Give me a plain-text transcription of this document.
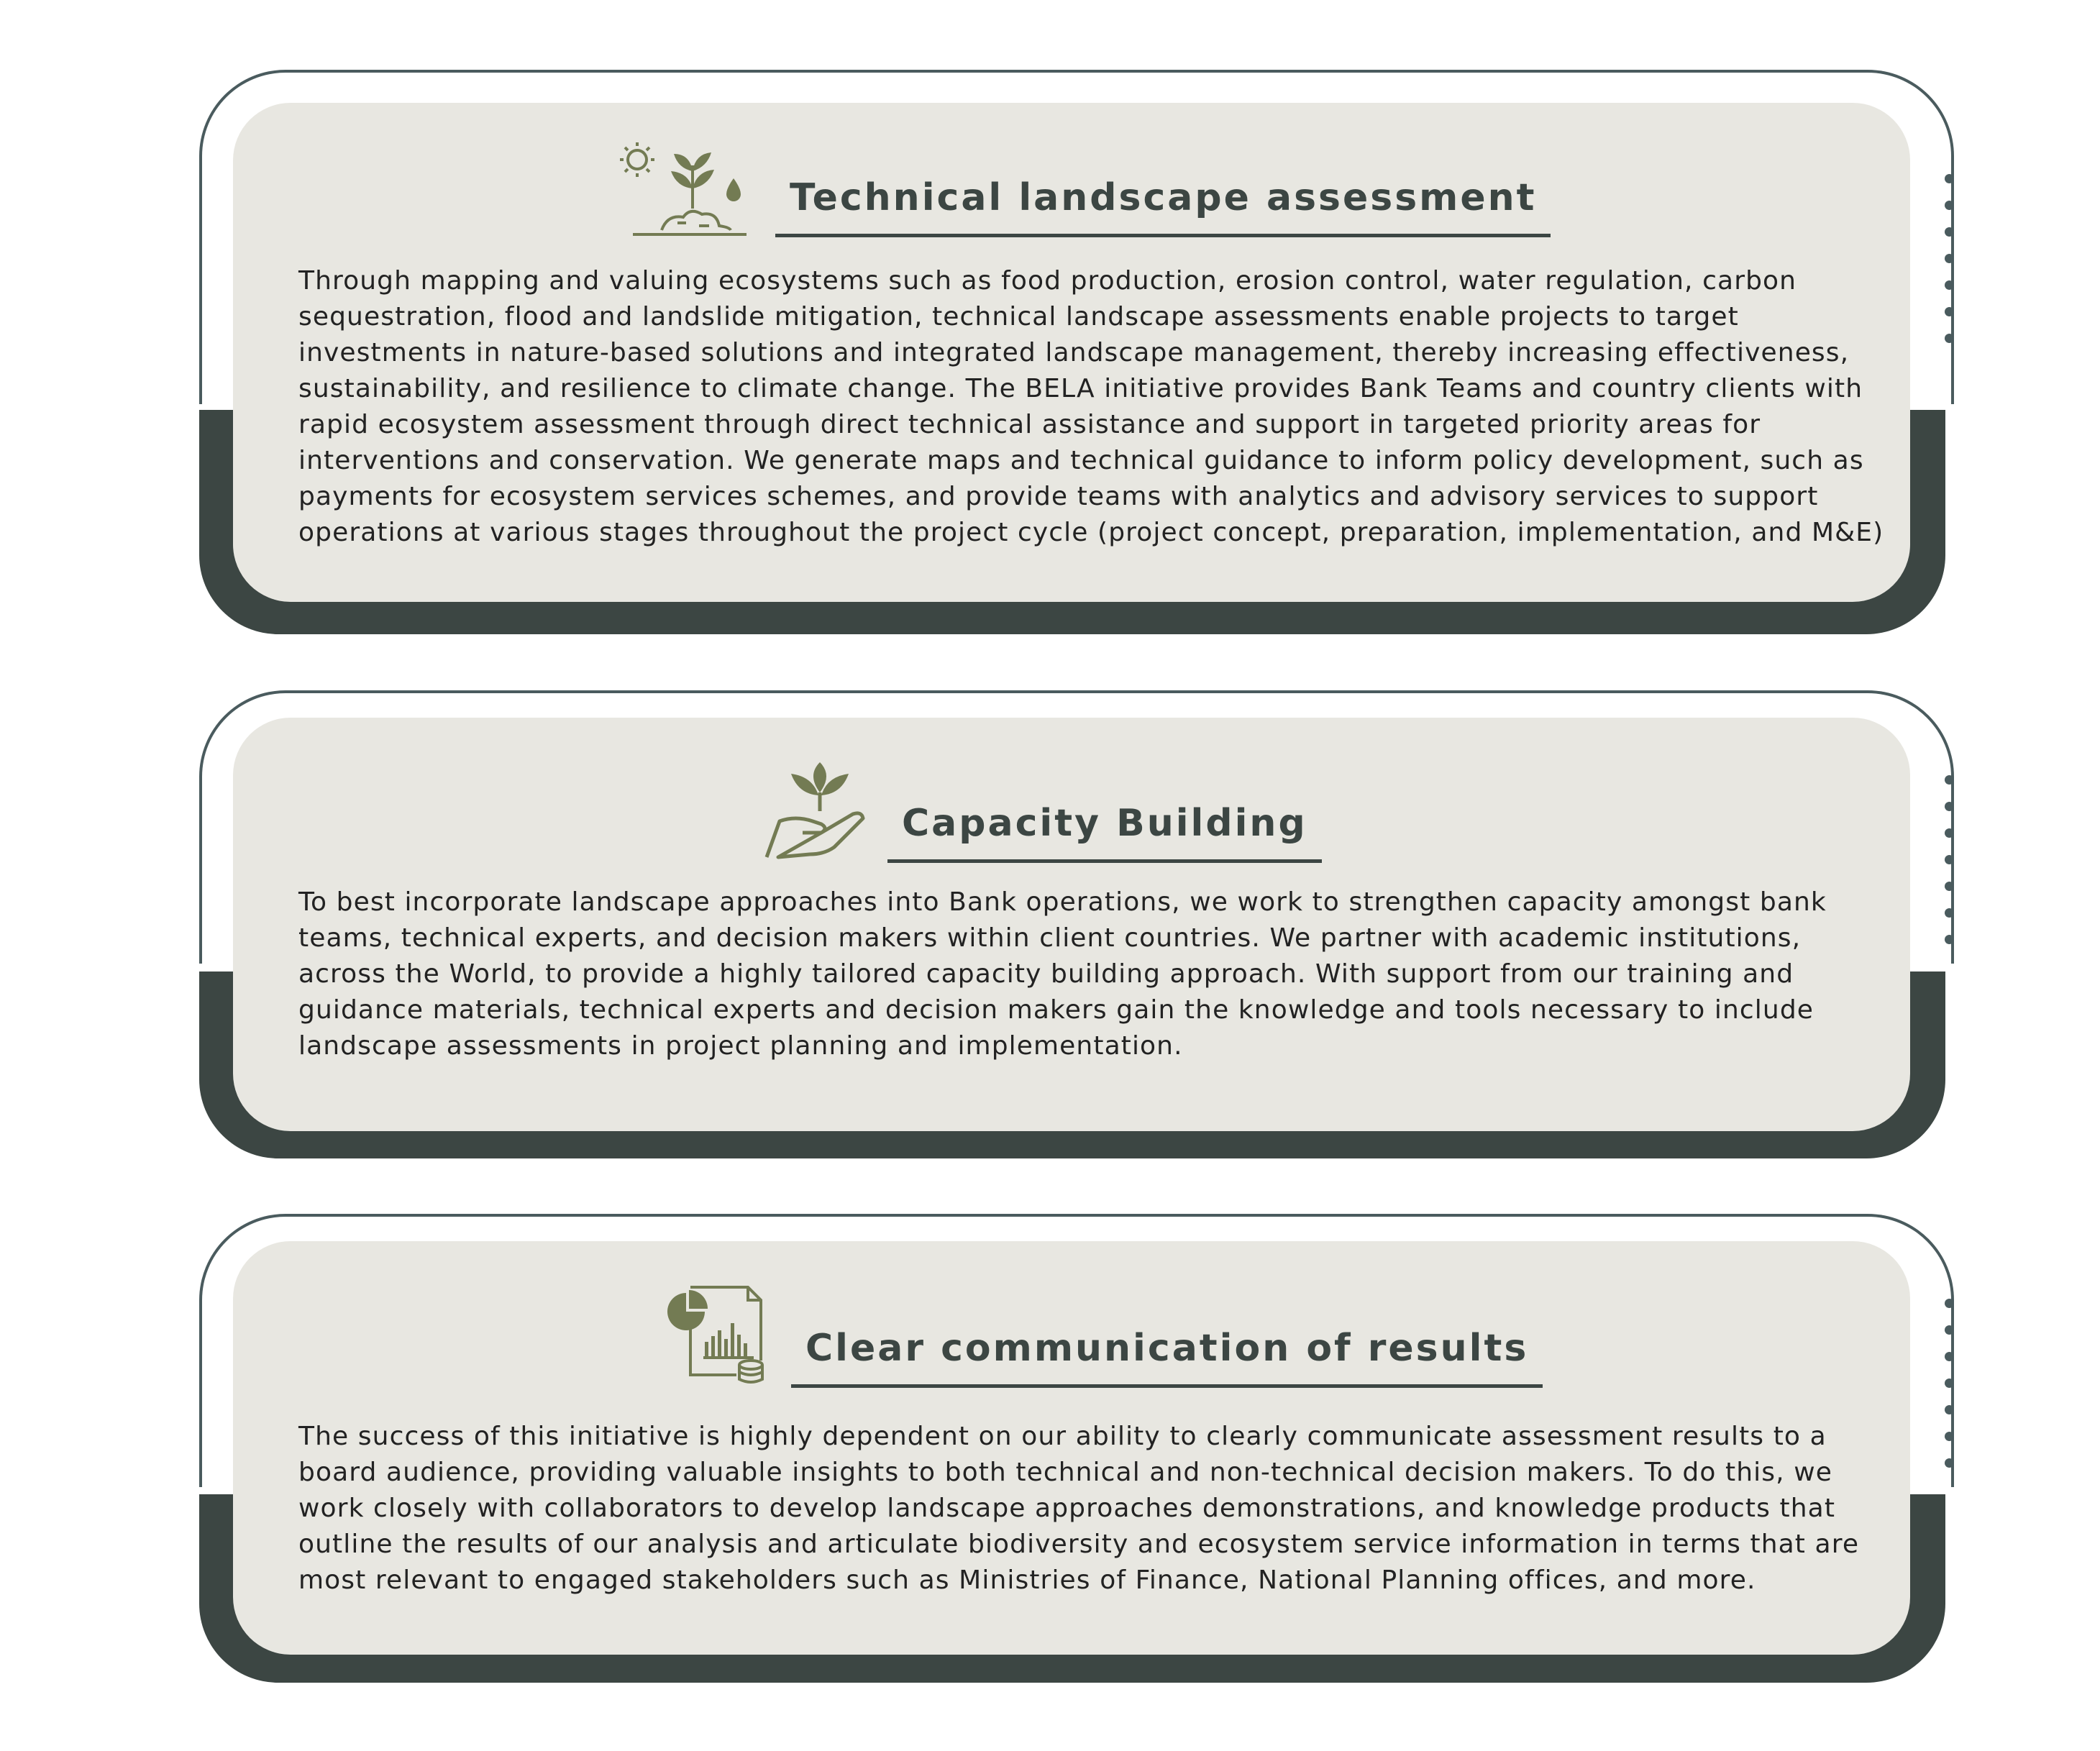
Technical landscape assessment
Through mapping and valuing ecosystems such as food production, erosion control, water regulation, carbon
sequestration, flood and landslide mitigation, technical landscape assessments enable projects to target
investments in nature-based solutions and integrated landscape management, thereby increasing effectiveness,
sustainability, and resilience to climate change. The BELA initiative provides Bank Teams and country clients with
rapid ecosystem assessment through direct technical assistance and support in targeted priority areas for
interventions and conservation. We generate maps and technical guidance to inform policy development, such as
payments for ecosystem services schemes, and provide teams with analytics and advisory services to support
operations at various stages throughout the project cycle (project concept, preparation, implementation, and M&E)
Capacity Building
To best incorporate landscape approaches into Bank operations, we work to strengthen capacity amongst bank
teams, technical experts, and decision makers within client countries. We partner with academic institutions,
across the World, to provide a highly tailored capacity building approach. With support from our training and
guidance materials, technical experts and decision makers gain the knowledge and tools necessary to include
landscape assessments in project planning and implementation.
Clear communication of results
The success of this initiative is highly dependent on our ability to clearly communicate assessment results to a
board audience, providing valuable insights to both technical and non-technical decision makers. To do this, we
work closely with collaborators to develop landscape approaches demonstrations, and knowledge products that
outline the results of our analysis and articulate biodiversity and ecosystem service information in terms that are
most relevant to engaged stakeholders such as Ministries of Finance, National Planning offices, and more.
